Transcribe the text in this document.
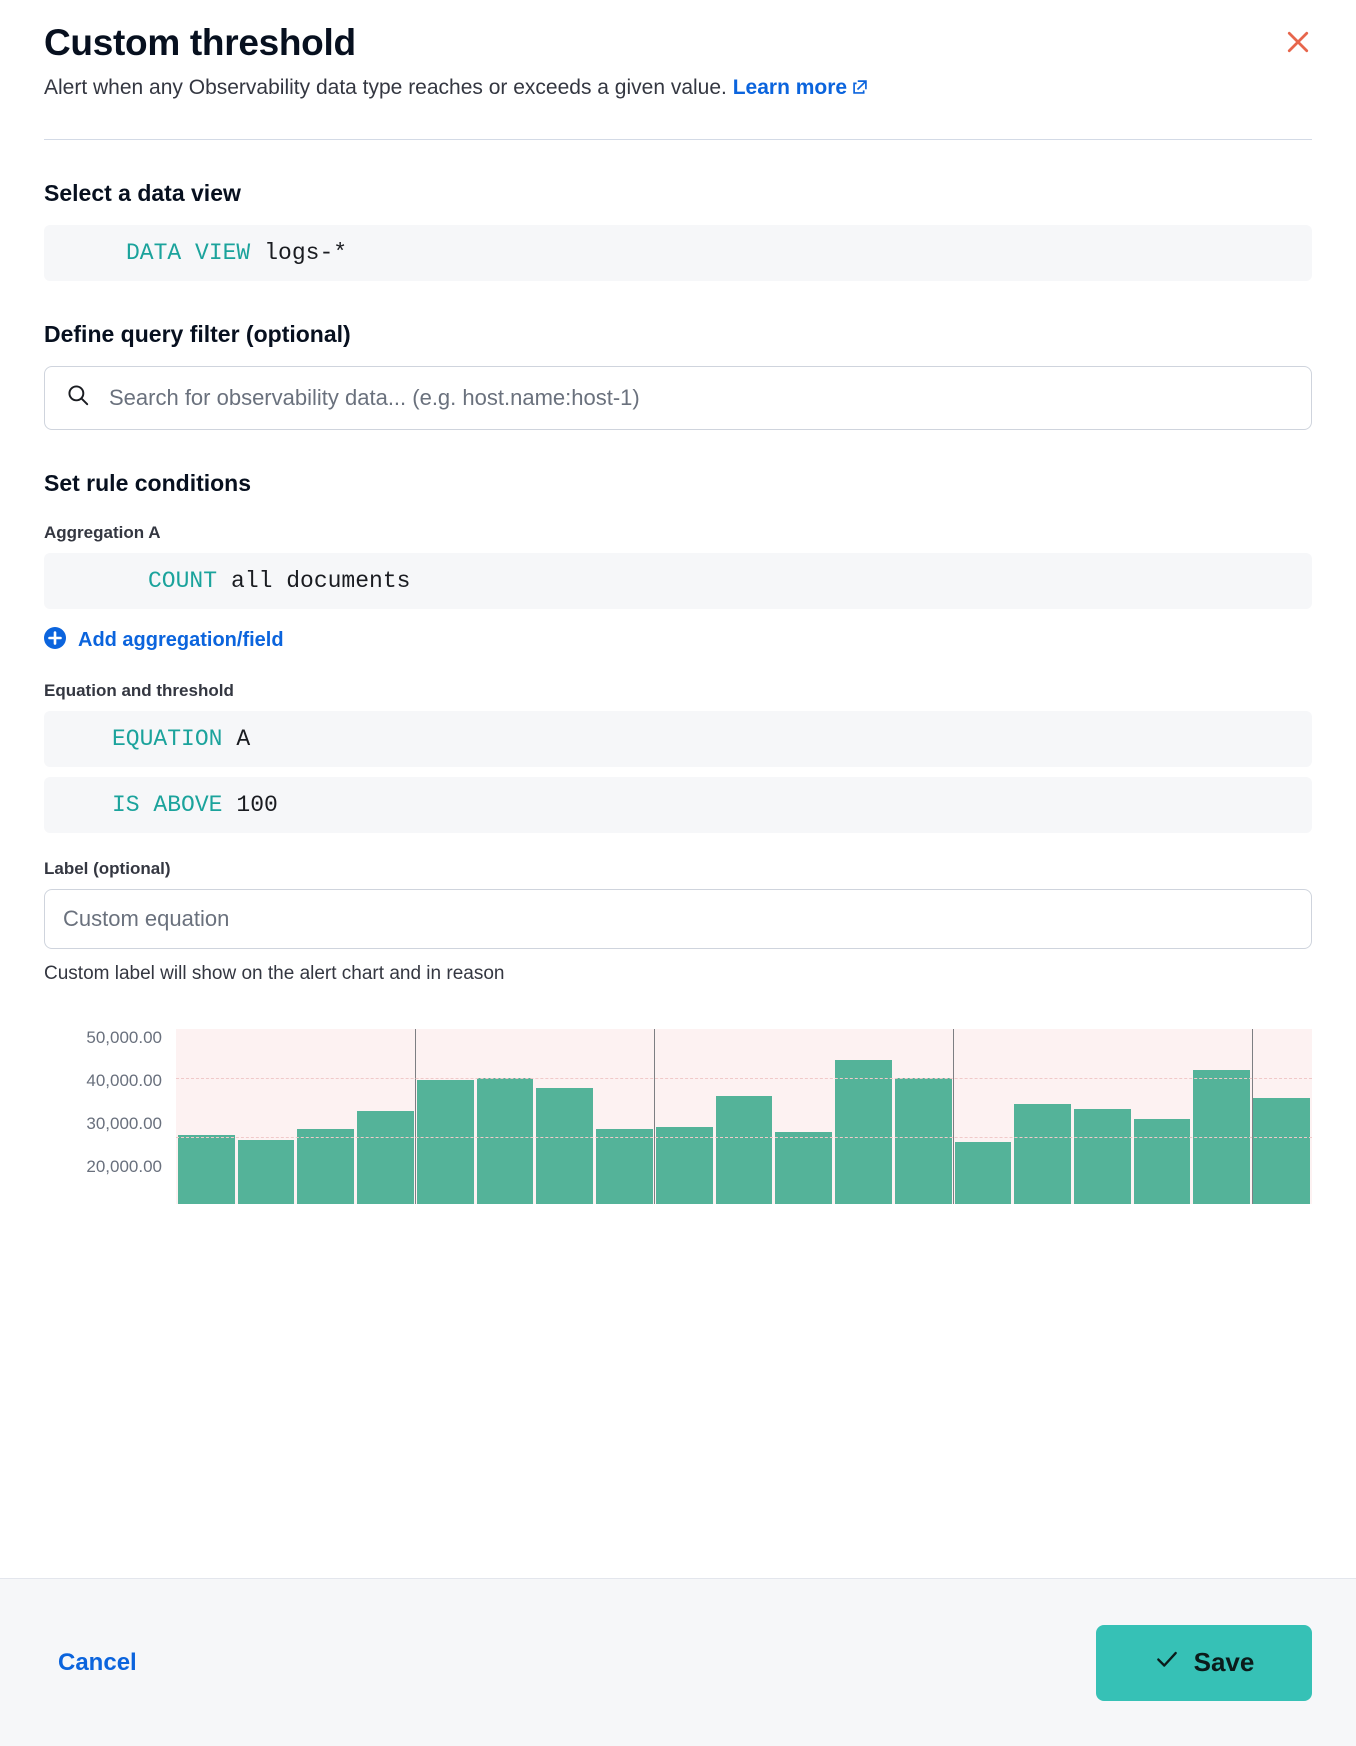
Custom threshold

Alert when any Observability data type reaches or exceeds a given value. Learn more

Select a data view
DATA VIEW logs-*
Define query filter (optional)
Search for observability data... (e.g. host.name:host-1)
Set rule conditions
Aggregation A
COUNT all documents
Add aggregation/field
Equation and threshold
EQUATION A
IS ABOVE 100
Label (optional)
Custom equation
Custom label will show on the alert chart and in reason
50,000.00
40,000.00
30,000.00
20,000.00
Cancel	Save
